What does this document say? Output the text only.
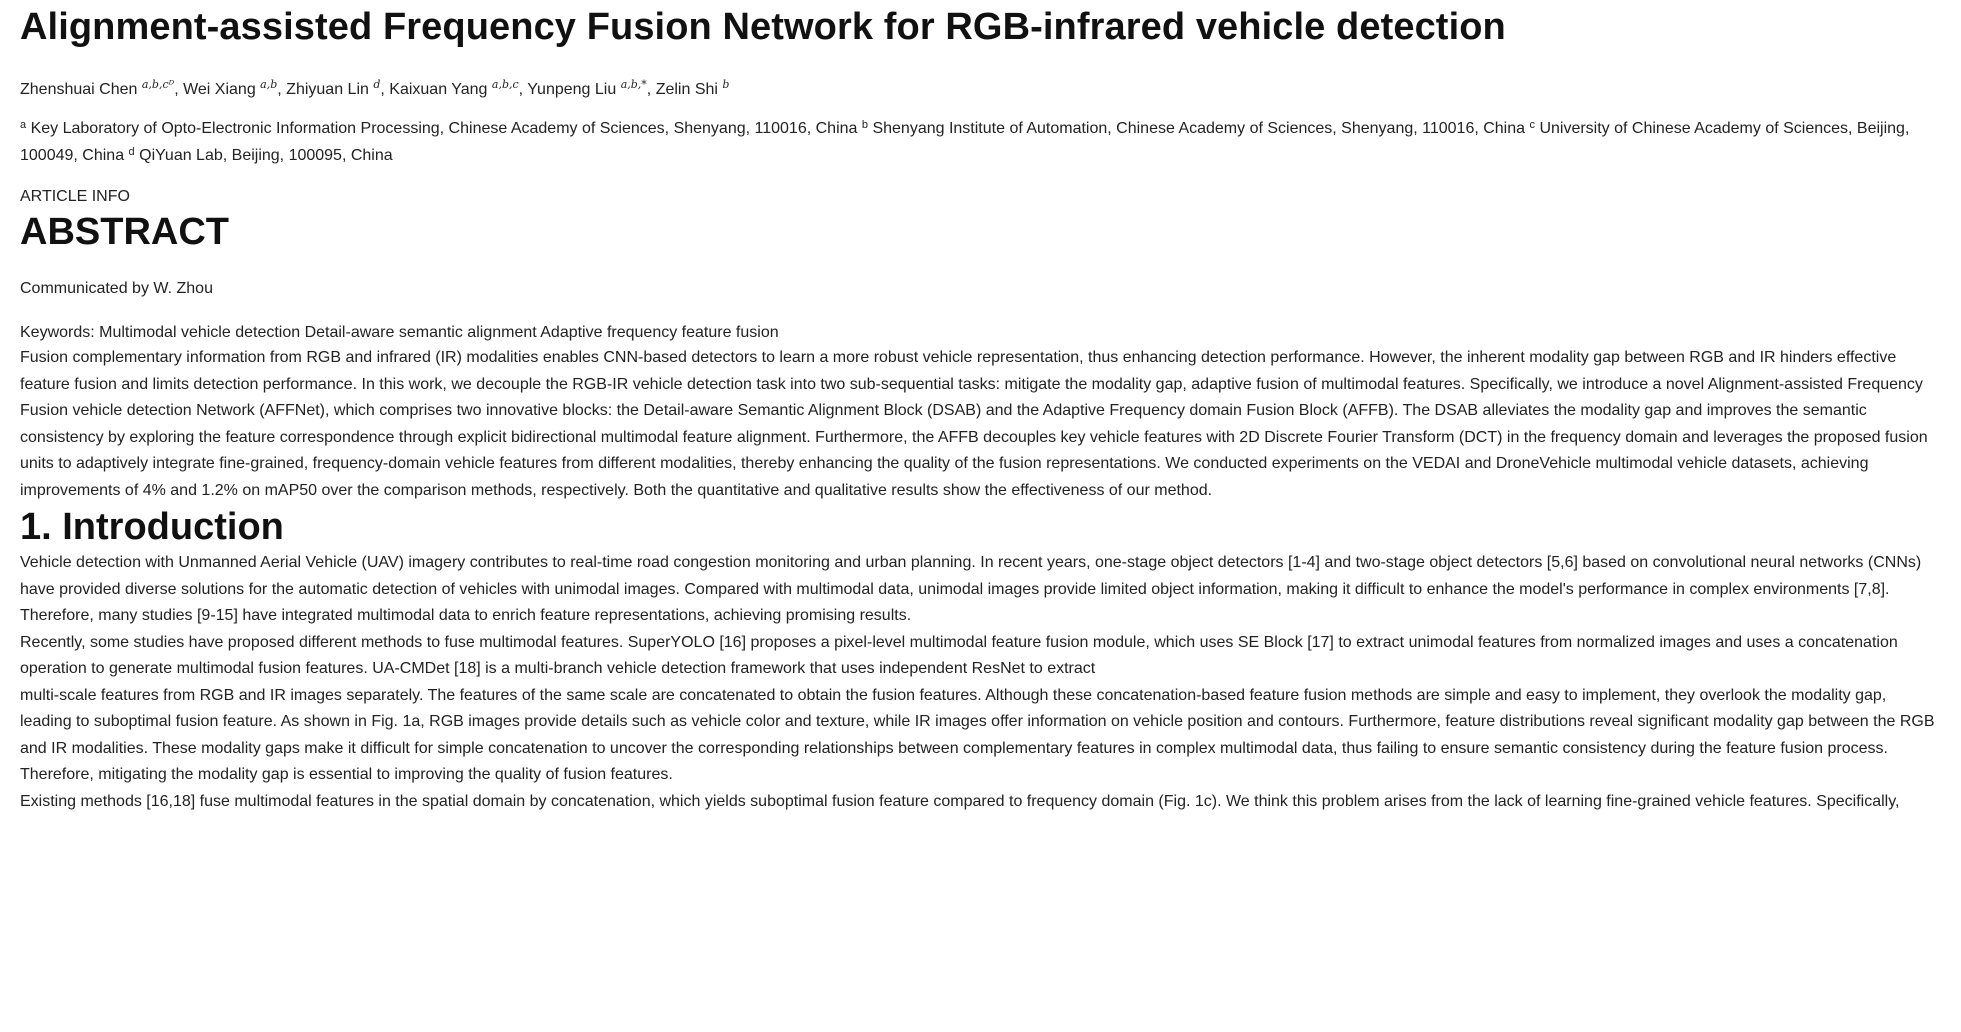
Alignment-assisted Frequency Fusion Network for RGB-infrared vehicle detection
Zhenshuai Chen $^{a,b,cᴰ}$, Wei Xiang $^{a,b}$, Zhiyuan Lin $^d$, Kaixuan Yang $^{a,b,c}$, Yunpeng Liu $^{a,b,*}$, Zelin Shi $^b$
$^a$ Key Laboratory of Opto-Electronic Information Processing, Chinese Academy of Sciences, Shenyang, 110016, China $^b$ Shenyang Institute of Automation, Chinese Academy of Sciences, Shenyang, 110016, China $^c$ University of Chinese Academy of Sciences, Beijing, 100049, China $^d$ QiYuan Lab, Beijing, 100095, China
ARTICLE INFO
ABSTRACT
Communicated by W. Zhou
Keywords: Multimodal vehicle detection Detail-aware semantic alignment Adaptive frequency feature fusion

Fusion complementary information from RGB and infrared (IR) modalities enables CNN-based detectors to learn a more robust vehicle representation, thus enhancing detection performance. However, the inherent modality gap between RGB and IR hinders effective feature fusion and limits detection performance. In this work, we decouple the RGB-IR vehicle detection task into two sub-sequential tasks: mitigate the modality gap, adaptive fusion of multimodal features. Specifically, we introduce a novel Alignment-assisted Frequency Fusion vehicle detection Network (AFFNet), which comprises two innovative blocks: the Detail-aware Semantic Alignment Block (DSAB) and the Adaptive Frequency domain Fusion Block (AFFB). The DSAB alleviates the modality gap and improves the semantic consistency by exploring the feature correspondence through explicit bidirectional multimodal feature alignment. Furthermore, the AFFB decouples key vehicle features with 2D Discrete Fourier Transform (DCT) in the frequency domain and leverages the proposed fusion units to adaptively integrate fine-grained, frequency-domain vehicle features from different modalities, thereby enhancing the quality of the fusion representations. We conducted experiments on the VEDAI and DroneVehicle multimodal vehicle datasets, achieving improvements of 4% and 1.2% on mAP50 over the comparison methods, respectively. Both the quantitative and qualitative results show the effectiveness of our method.

1. Introduction

Vehicle detection with Unmanned Aerial Vehicle (UAV) imagery contributes to real-time road congestion monitoring and urban planning. In recent years, one-stage object detectors [1-4] and two-stage object detectors [5,6] based on convolutional neural networks (CNNs) have provided diverse solutions for the automatic detection of vehicles with unimodal images. Compared with multimodal data, unimodal images provide limited object information, making it difficult to enhance the model's performance in complex environments [7,8]. Therefore, many studies [9-15] have integrated multimodal data to enrich feature representations, achieving promising results.

Recently, some studies have proposed different methods to fuse multimodal features. SuperYOLO [16] proposes a pixel-level multimodal feature fusion module, which uses SE Block [17] to extract unimodal features from normalized images and uses a concatenation operation to generate multimodal fusion features. UA-CMDet [18] is a multi-branch vehicle detection framework that uses independent ResNet to extract

multi-scale features from RGB and IR images separately. The features of the same scale are concatenated to obtain the fusion features. Although these concatenation-based feature fusion methods are simple and easy to implement, they overlook the modality gap, leading to suboptimal fusion feature. As shown in Fig. 1a, RGB images provide details such as vehicle color and texture, while IR images offer information on vehicle position and contours. Furthermore, feature distributions reveal significant modality gap between the RGB and IR modalities. These modality gaps make it difficult for simple concatenation to uncover the corresponding relationships between complementary features in complex multimodal data, thus failing to ensure semantic consistency during the feature fusion process. Therefore, mitigating the modality gap is essential to improving the quality of fusion features.

Existing methods [16,18] fuse multimodal features in the spatial domain by concatenation, which yields suboptimal fusion feature compared to frequency domain (Fig. 1c). We think this problem arises from the lack of learning fine-grained vehicle features. Specifically,
